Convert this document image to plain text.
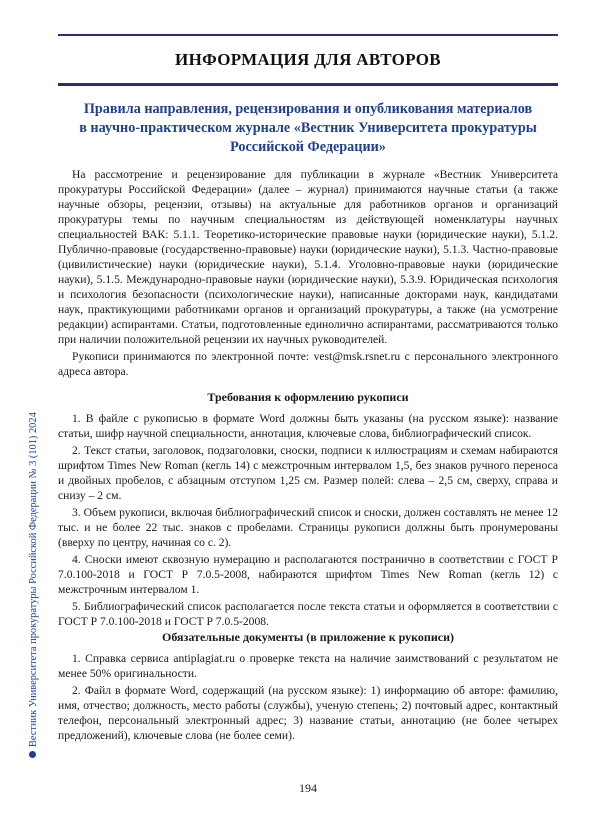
ИНФОРМАЦИЯ ДЛЯ АВТОРОВ
Правила направления, рецензирования и опубликования материалов
в научно-практическом журнале «Вестник Университета прокуратуры
Российской Федерации»

На рассмотрение и рецензирование для публикации в журнале «Вестник Университета прокуратуры Российской Федерации» (далее – журнал) принимаются научные статьи (а также научные обзоры, рецензии, отзывы) на актуальные для работников органов и организаций прокуратуры темы по научным специальностям из действующей номенклатуры научных специальностей ВАК: 5.1.1. Теоретико-исторические правовые науки (юридические науки), 5.1.2. Публично-правовые (государственно-правовые) науки (юридические науки), 5.1.3. Частно-правовые (цивилистические) науки (юридические науки), 5.1.4. Уголовно-правовые науки (юридические науки), 5.1.5. Международно-правовые науки (юридические науки), 5.3.9. Юридическая психология и психология безопасности (психологические науки), написанные докторами наук, кандидатами наук, практикующими работниками органов и организаций прокуратуры, а также (на усмотрение редакции) аспирантами. Статьи, подготовленные единолично аспирантами, рассматриваются только при наличии положительной рецензии их научных руководителей.

Рукописи принимаются по электронной почте: vest@msk.rsnet.ru с персонального электронного адреса автора.

Требования к оформлению рукописи

1. В файле с рукописью в формате Word должны быть указаны (на русском языке): название статьи, шифр научной специальности, аннотация, ключевые слова, библиографический список.

2. Текст статьи, заголовок, подзаголовки, сноски, подписи к иллюстрациям и схемам набираются шрифтом Times New Roman (кегль 14) с межстрочным интервалом 1,5, без знаков ручного переноса и двойных пробелов, с абзацным отступом 1,25 см. Размер полей: слева – 2,5 см, сверху, справа и снизу – 2 см.

3. Объем рукописи, включая библиографический список и сноски, должен составлять не менее 12 тыс. и не более 22 тыс. знаков с пробелами. Страницы рукописи должны быть пронумерованы (вверху по центру, начиная со с. 2).

4. Сноски имеют сквозную нумерацию и располагаются постранично в соответствии с ГОСТ Р 7.0.100-2018 и ГОСТ Р 7.0.5-2008, набираются шрифтом Times New Roman (кегль 12) с межстрочным интервалом 1.

5. Библиографический список располагается после текста статьи и оформляется в соответствии с ГОСТ Р 7.0.100-2018 и ГОСТ Р 7.0.5-2008.

Обязательные документы (в приложение к рукописи)

1. Справка сервиса antiplagiat.ru о проверке текста на наличие заимствований с результатом не менее 50% оригинальности.

2. Файл в формате Word, содержащий (на русском языке): 1) информацию об авторе: фамилию, имя, отчество; должность, место работы (службы), ученую степень; 2) почтовый адрес, контактный телефон, персональный электронный адрес; 3) название статьи, аннотацию (не более четырех предложений), ключевые слова (не более семи).

Вестник Университета прокуратуры Российской Федерации № 3 (101) 2024
194
